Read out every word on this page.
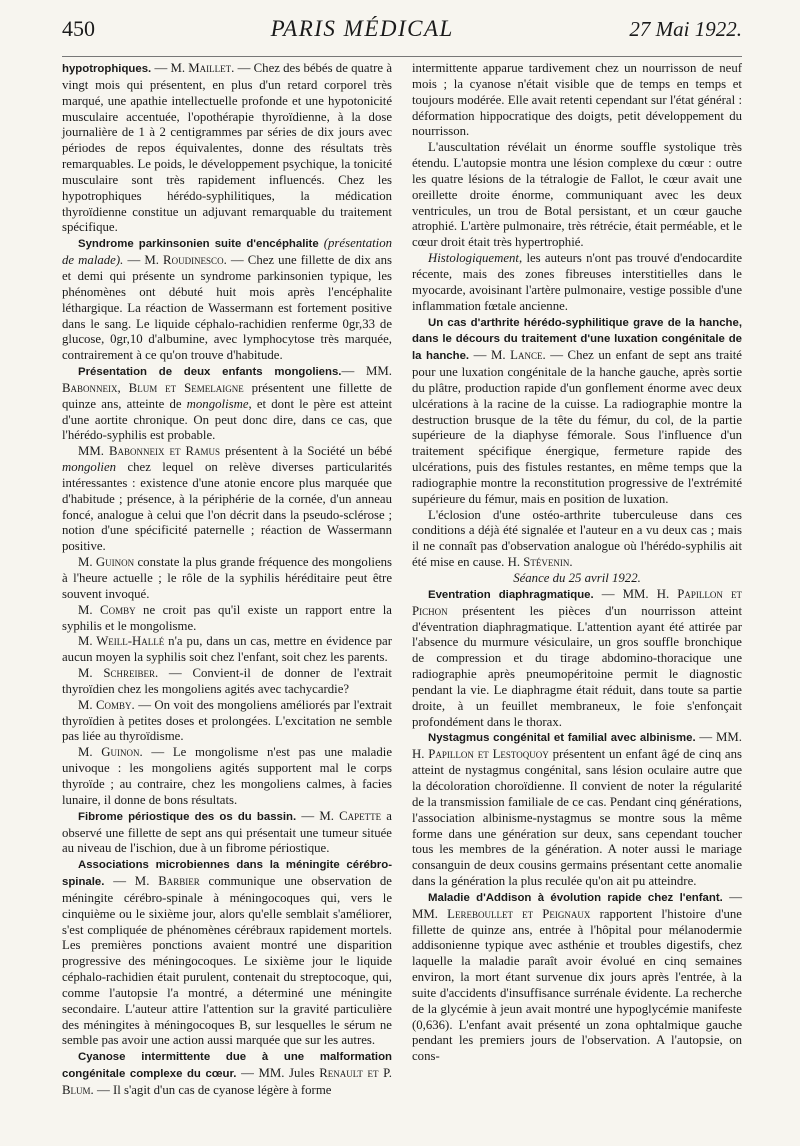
450	PARIS MÉDICAL	27 Mai 1922.

hypotrophiques. — M. Maillet. — Chez des bébés de quatre à vingt mois qui présentent, en plus d'un retard corporel très marqué, une apathie intellectuelle profonde et une hypotonicité musculaire accentuée, l'opothérapie thyroïdienne, à la dose journalière de 1 à 2 centigrammes par séries de dix jours avec périodes de repos équivalentes, donne des résultats très remarquables. Le poids, le développement psychique, la tonicité musculaire sont très rapidement influencés. Chez les hypotrophiques hérédo-syphilitiques, la médication thyroïdienne constitue un adjuvant remarquable du traitement spécifique.

Syndrome parkinsonien suite d'encéphalite (présentation de malade). — M. Roudinesco. — Chez une fillette de dix ans et demi qui présente un syndrome parkinsonien typique, les phénomènes ont débuté huit mois après l'encéphalite léthargique. La réaction de Wassermann est fortement positive dans le sang. Le liquide céphalo-rachidien renferme 0gr,33 de glucose, 0gr,10 d'albumine, avec lymphocytose très marquée, contrairement à ce qu'on trouve d'habitude.

Présentation de deux enfants mongoliens.— MM. Babonneix, Blum et Semelaigne présentent une fillette de quinze ans, atteinte de mongolisme, et dont le père est atteint d'une aortite chronique. On peut donc dire, dans ce cas, que l'hérédo-syphilis est probable.

MM. Babonneix et Ramus présentent à la Société un bébé mongolien chez lequel on relève diverses particularités intéressantes : existence d'une atonie encore plus marquée que d'habitude ; présence, à la périphérie de la cornée, d'un anneau foncé, analogue à celui que l'on décrit dans la pseudo-sclérose ; notion d'une spécificité paternelle ; réaction de Wassermann positive.

M. Guinon constate la plus grande fréquence des mongoliens à l'heure actuelle ; le rôle de la syphilis héréditaire peut être souvent invoqué.

M. Comby ne croit pas qu'il existe un rapport entre la syphilis et le mongolisme.

M. Weill-Hallé n'a pu, dans un cas, mettre en évidence par aucun moyen la syphilis soit chez l'enfant, soit chez les parents.

M. Schreiber. — Convient-il de donner de l'extrait thyroïdien chez les mongoliens agités avec tachycardie?

M. Comby. — On voit des mongoliens améliorés par l'extrait thyroïdien à petites doses et prolongées. L'excitation ne semble pas liée au thyroïdisme.

M. Guinon. — Le mongolisme n'est pas une maladie univoque : les mongoliens agités supportent mal le corps thyroïde ; au contraire, chez les mongoliens calmes, à facies lunaire, il donne de bons résultats.

Fibrome périostique des os du bassin. — M. Capette a observé une fillette de sept ans qui présentait une tumeur située au niveau de l'ischion, due à un fibrome périostique.

Associations microbiennes dans la méningite cérébro-spinale. — M. Barbier communique une observation de méningite cérébro-spinale à méningocoques qui, vers le cinquième ou le sixième jour, alors qu'elle semblait s'améliorer, s'est compliquée de phénomènes cérébraux rapidement mortels. Les premières ponctions avaient montré une disparition progressive des méningocoques. Le sixième jour le liquide céphalo-rachidien était purulent, contenait du streptocoque, qui, comme l'autopsie l'a montré, a déterminé une méningite secondaire. L'auteur attire l'attention sur la gravité particulière des méningites à méningocoques B, sur lesquelles le sérum ne semble pas avoir une action aussi marquée que sur les autres.

Cyanose intermittente due à une malformation congénitale complexe du cœur. — MM. Jules Renault et P. Blum. — Il s'agit d'un cas de cyanose légère à forme

intermittente apparue tardivement chez un nourrisson de neuf mois ; la cyanose n'était visible que de temps en temps et toujours modérée. Elle avait retenti cependant sur l'état général : déformation hippocratique des doigts, petit développement du nourrisson.

L'auscultation révélait un énorme souffle systolique très étendu. L'autopsie montra une lésion complexe du cœur : outre les quatre lésions de la tétralogie de Fallot, le cœur avait une oreillette droite énorme, communiquant avec les deux ventricules, un trou de Botal persistant, et un cœur gauche atrophié. L'artère pulmonaire, très rétrécie, était perméable, et le cœur droit était très hypertrophié.

Histologiquement, les auteurs n'ont pas trouvé d'endocardite récente, mais des zones fibreuses interstitielles dans le myocarde, avoisinant l'artère pulmonaire, vestige possible d'une inflammation fœtale ancienne.

Un cas d'arthrite hérédo-syphilitique grave de la hanche, dans le décours du traitement d'une luxation congénitale de la hanche. — M. Lance. — Chez un enfant de sept ans traité pour une luxation congénitale de la hanche gauche, après sortie du plâtre, production rapide d'un gonflement énorme avec deux ulcérations à la racine de la cuisse. La radiographie montre la destruction brusque de la tête du fémur, du col, de la partie supérieure de la diaphyse fémorale. Sous l'influence d'un traitement spécifique énergique, fermeture rapide des ulcérations, puis des fistules restantes, en même temps que la radiographie montre la reconstitution progressive de l'extrémité supérieure du fémur, mais en position de luxation.

L'éclosion d'une ostéo-arthrite tuberculeuse dans ces conditions a déjà été signalée et l'auteur en a vu deux cas ; mais il ne connaît pas d'observation analogue où l'hérédo-syphilis ait été mise en cause. H. Stévenin.

Séance du 25 avril 1922.

Eventration diaphragmatique. — MM. H. Papillon et Pichon présentent les pièces d'un nourrisson atteint d'éventration diaphragmatique. L'attention ayant été attirée par l'absence du murmure vésiculaire, un gros souffle bronchique de compression et du tirage abdomino-thoracique une radiographie après pneumopéritoine permit le diagnostic pendant la vie. Le diaphragme était réduit, dans toute sa partie droite, à un feuillet membraneux, le foie s'enfonçait profondément dans le thorax.

Nystagmus congénital et familial avec albinisme. — MM. H. Papillon et Lestoquoy présentent un enfant âgé de cinq ans atteint de nystagmus congénital, sans lésion oculaire autre que la décoloration choroïdienne. Il convient de noter la régularité de la transmission familiale de ce cas. Pendant cinq générations, l'association albinisme-nystagmus se montre sous la même forme dans une génération sur deux, sans cependant toucher tous les membres de la génération. A noter aussi le mariage consanguin de deux cousins germains présentant cette anomalie dans la génération la plus reculée qu'on ait pu atteindre.

Maladie d'Addison à évolution rapide chez l'enfant. — MM. Lereboullet et Peignaux rapportent l'histoire d'une fillette de quinze ans, entrée à l'hôpital pour mélanodermie addisonienne typique avec asthénie et troubles digestifs, chez laquelle la maladie paraît avoir évolué en cinq semaines environ, la mort étant survenue dix jours après l'entrée, à la suite d'accidents d'insuffisance surrénale évidente. La recherche de la glycémie à jeun avait montré une hypoglycémie manifeste (0,636). L'enfant avait présenté un zona ophtalmique gauche pendant les premiers jours de l'observation. A l'autopsie, on cons-
